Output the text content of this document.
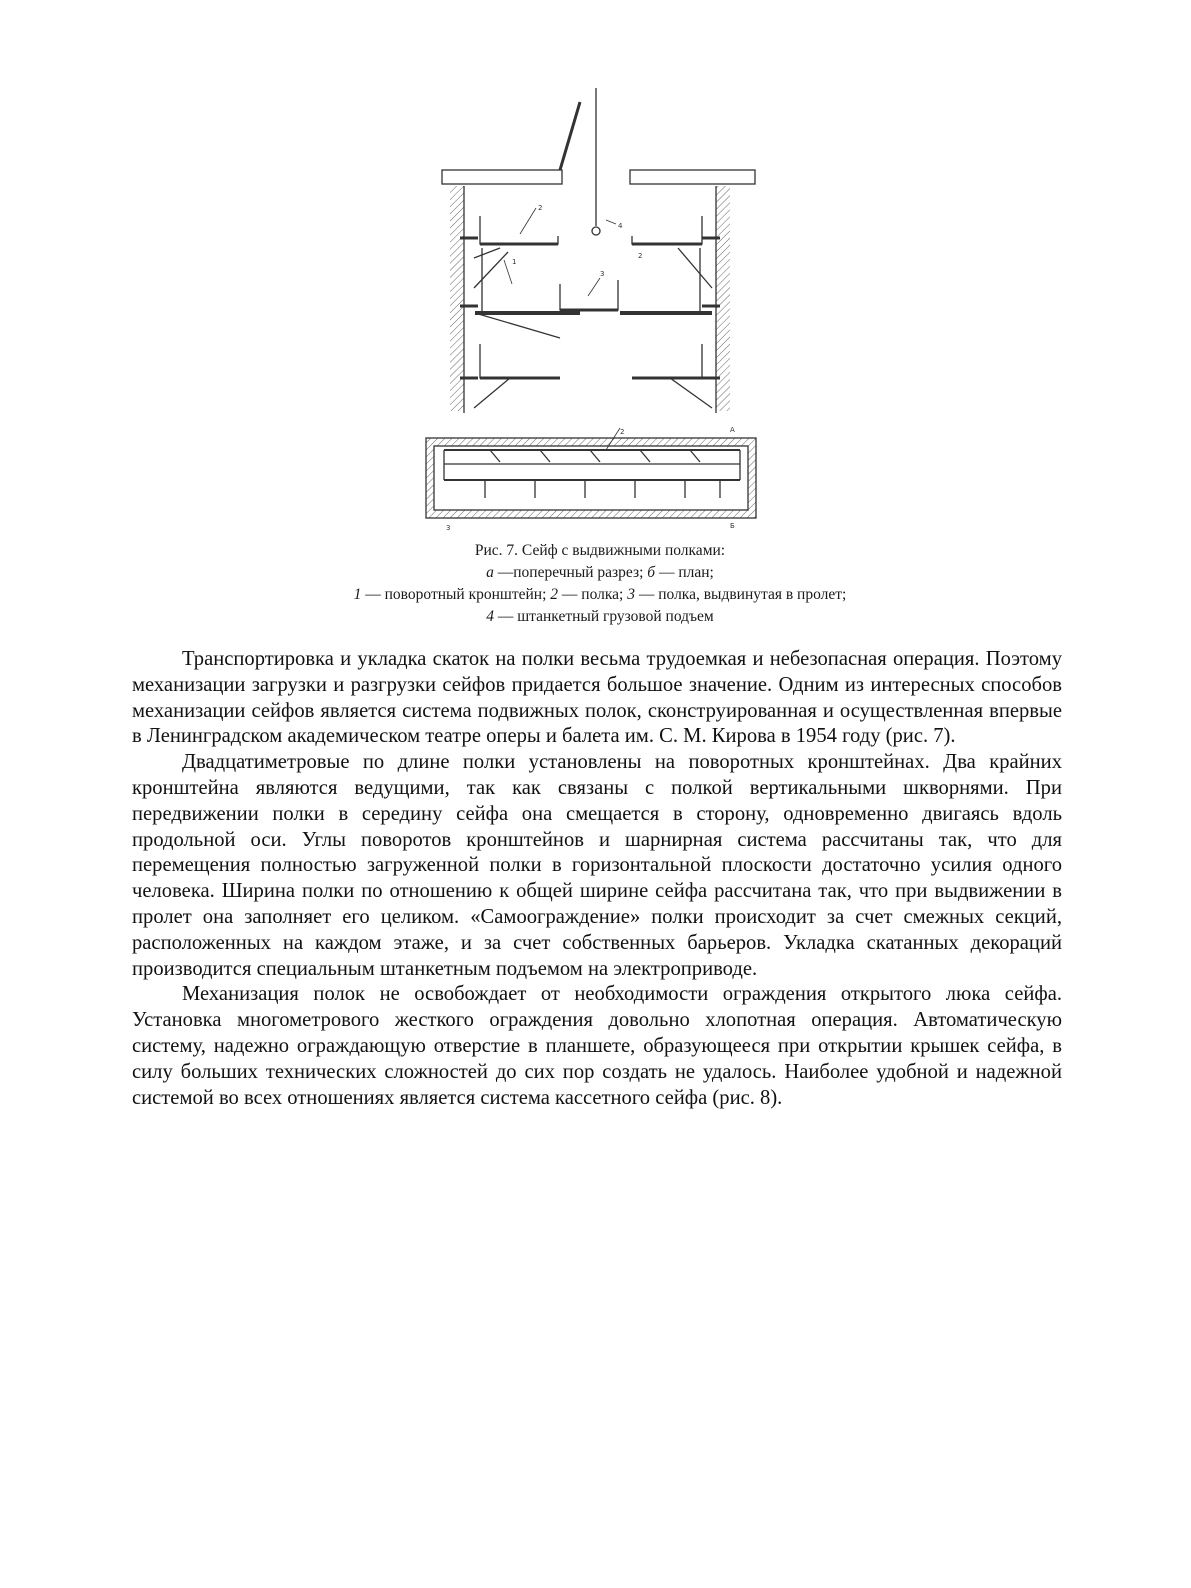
1
2
2
3
4
2
3
А
Б
Рис. 7. Сейф с выдвижными полками:
а —поперечный разрез; б — план;
1 — поворотный кронштейн; 2 — полка; 3 — полка, выдвинутая в пролет;
4 — штанкетный грузовой подъем

Транспортировка и укладка скаток на полки весьма трудоемкая и небезопасная операция. Поэтому механизации загрузки и разгрузки сейфов придается большое значение. Одним из интересных способов механизации сейфов является система подвижных полок, сконструированная и осуществленная впервые в Ленинградском академическом театре оперы и балета им. С. М. Кирова в 1954 году (рис. 7).

Двадцатиметровые по длине полки установлены на поворотных кронштейнах. Два крайних кронштейна являются ведущими, так как связаны с полкой вертикальными шкворнями. При передвижении полки в середину сейфа она смещается в сторону, одновременно двигаясь вдоль продольной оси. Углы поворотов кронштейнов и шарнирная система рассчитаны так, что для перемещения полностью загруженной полки в горизонтальной плоскости достаточно усилия одного человека. Ширина полки по отношению к общей ширине сейфа рассчитана так, что при выдвижении в пролет она заполняет его целиком. «Самоограждение» полки происходит за счет смежных секций, расположенных на каждом этаже, и за счет собственных барьеров. Укладка скатанных декораций производится специальным штанкетным подъемом на электроприводе.

Механизация полок не освобождает от необходимости ограждения открытого люка сейфа. Установка многометрового жесткого ограждения довольно хлопотная операция. Автоматическую систему, надежно ограждающую отверстие в планшете, образующееся при открытии крышек сейфа, в силу больших технических сложностей до сих пор создать не удалось. Наиболее удобной и надежной системой во всех отношениях является система кассетного сейфа (рис. 8).
